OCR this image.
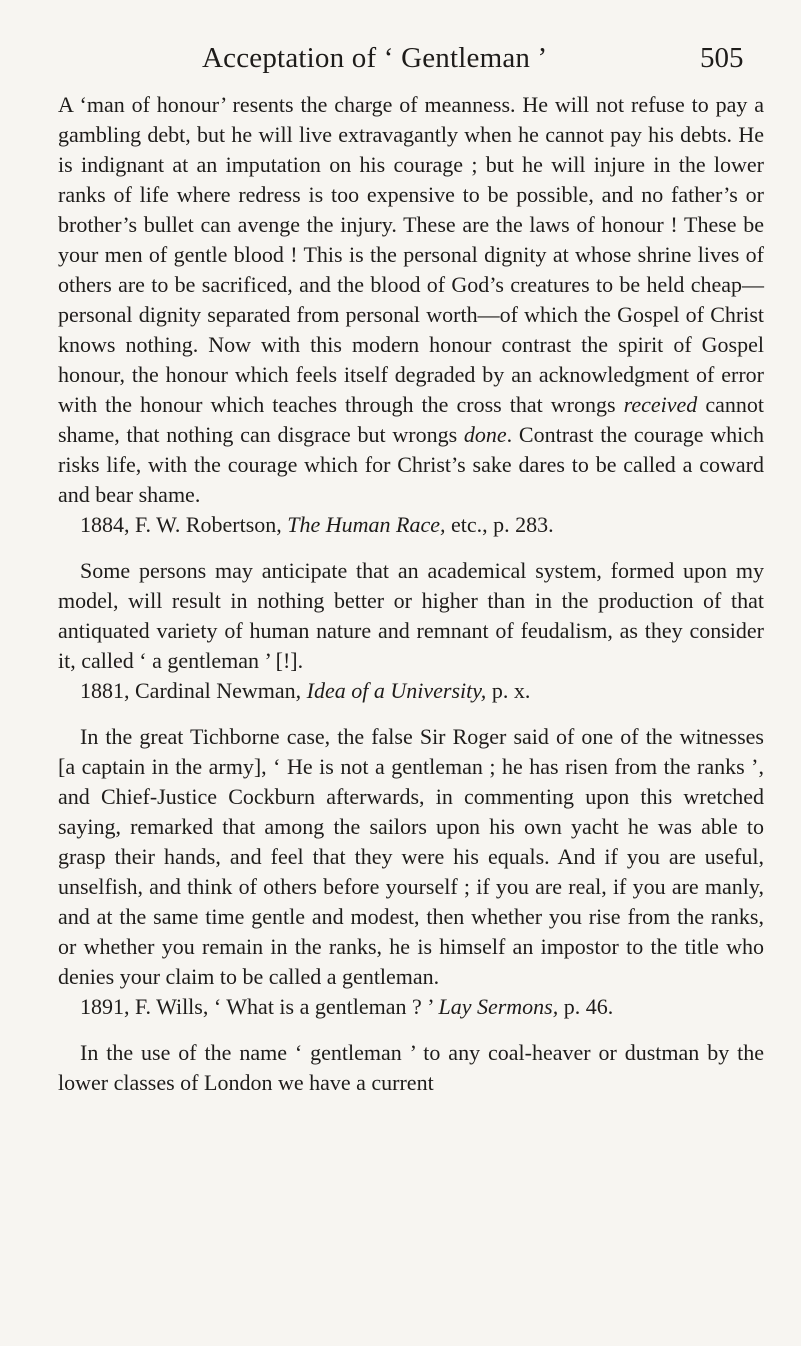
Acceptation of ‘ Gentleman ’	505

A ‘man of honour’ resents the charge of meanness. He will not refuse to pay a gambling debt, but he will live extravagantly when he cannot pay his debts. He is indignant at an imputation on his courage ; but he will injure in the lower ranks of life where redress is too expensive to be possible, and no father’s or brother’s bullet can avenge the injury. These are the laws of honour ! These be your men of gentle blood ! This is the personal dignity at whose shrine lives of others are to be sacrificed, and the blood of God’s creatures to be held cheap—personal dignity separated from personal worth—of which the Gospel of Christ knows nothing. Now with this modern honour contrast the spirit of Gospel honour, the honour which feels itself degraded by an acknowledgment of error with the honour which teaches through the cross that wrongs received cannot shame, that nothing can disgrace but wrongs done. Contrast the courage which risks life, with the courage which for Christ’s sake dares to be called a coward and bear shame.

1884, F. W. Robertson, The Human Race, etc., p. 283.

Some persons may anticipate that an academical system, formed upon my model, will result in nothing better or higher than in the production of that antiquated variety of human nature and remnant of feudalism, as they consider it, called ‘ a gentleman ’ [!].

1881, Cardinal Newman, Idea of a University, p. x.

In the great Tichborne case, the false Sir Roger said of one of the witnesses [a captain in the army], ‘ He is not a gentleman ; he has risen from the ranks ’, and Chief-Justice Cockburn afterwards, in commenting upon this wretched saying, remarked that among the sailors upon his own yacht he was able to grasp their hands, and feel that they were his equals. And if you are useful, unselfish, and think of others before yourself ; if you are real, if you are manly, and at the same time gentle and modest, then whether you rise from the ranks, or whether you remain in the ranks, he is himself an impostor to the title who denies your claim to be called a gentleman.

1891, F. Wills, ‘ What is a gentleman ? ’ Lay Sermons, p. 46.

In the use of the name ‘ gentleman ’ to any coal-heaver or dustman by the lower classes of London we have a current
